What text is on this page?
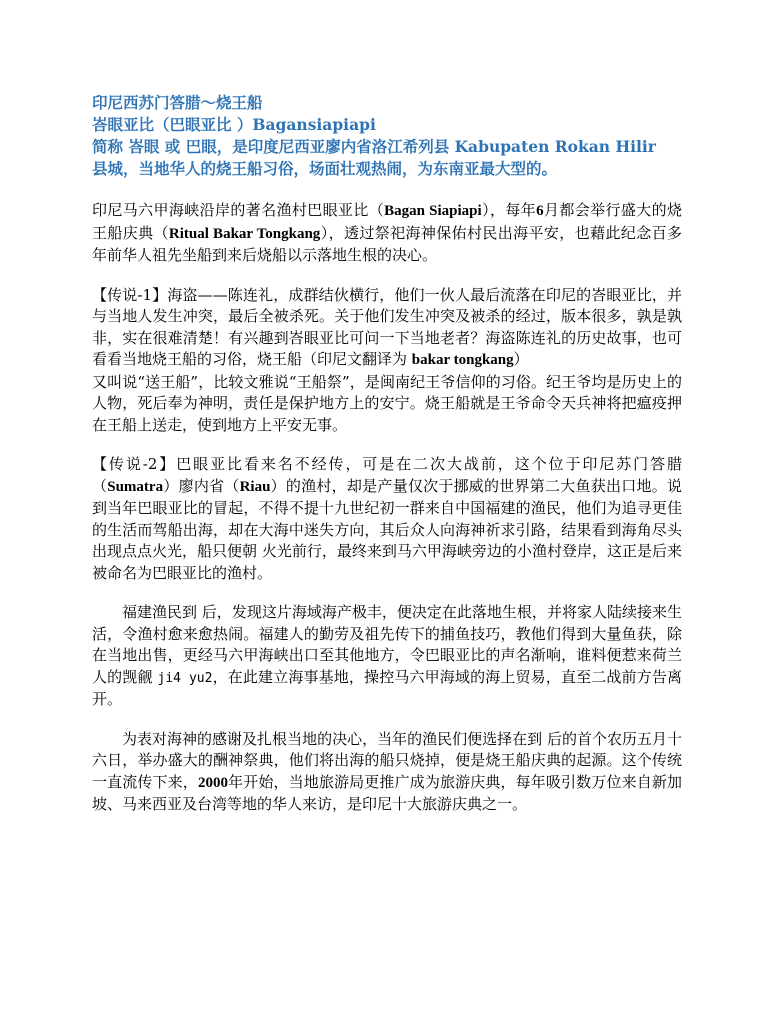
印尼西苏门答腊～烧王船

峇眼亚比（巴眼亚比 ）Bagansiapiapi

简称 峇眼 或 巴眼，是印度尼西亚廖内省洛江希列县 Kabupaten Rokan Hilir

县城，当地华人的烧王船习俗，场面壮观热闹，为东南亚最大型的。

印尼马六甲海峡沿岸的著名渔村巴眼亚比（Bagan Siapiapi），每年6月都会举行盛大的烧王船庆典（Ritual Bakar Tongkang），透过祭祀海神保佑村民出海平安，也藉此纪念百多年前华人祖先坐船到来后烧船以示落地生根的决心。

【传说-1】海盗——陈连礼，成群结伙横行，他们一伙人最后流落在印尼的峇眼亚比，并与当地人发生冲突，最后全被杀死。关于他们发生冲突及被杀的经过，版本很多，孰是孰非，实在很难清楚！有兴趣到峇眼亚比可问一下当地老者？海盗陈连礼的历史故事，也可看看当地烧王船的习俗，烧王船（印尼文翻译为 bakar tongkang）
又叫说“送王船”，比较文雅说“王船祭”，是闽南纪王爷信仰的习俗。纪王爷均是历史上的人物，死后奉为神明，责任是保护地方上的安宁。烧王船就是王爷命令天兵神将把瘟疫押在王船上送走，使到地方上平安无事。

【传说-2】巴眼亚比看来名不经传，可是在二次大战前，这个位于印尼苏门答腊（Sumatra）廖内省（Riau）的渔村，却是产量仅次于挪威的世界第二大鱼获出口地。说到当年巴眼亚比的冒起，不得不提十九世纪初一群来自中国福建的渔民，他们为追寻更佳的生活而驾船出海，却在大海中迷失方向，其后众人向海神祈求引路，结果看到海角尽头出现点点火光，船只便朝 火光前行，最终来到马六甲海峡旁边的小渔村登岸，这正是后来被命名为巴眼亚比的渔村。

福建渔民到 后，发现这片海域海产极丰，便决定在此落地生根，并将家人陆续接来生活，令渔村愈来愈热闹。福建人的勤劳及祖先传下的捕鱼技巧，教他们得到大量鱼获，除在当地出售，更经马六甲海峡出口至其他地方，令巴眼亚比的声名渐响，谁料便惹来荷兰人的觊觎 ji4 yu2，在此建立海事基地，操控马六甲海域的海上贸易，直至二战前方告离开。

为表对海神的感谢及扎根当地的决心，当年的渔民们便选择在到 后的首个农历五月十六日，举办盛大的酬神祭典，他们将出海的船只烧掉，便是烧王船庆典的起源。这个传统一直流传下来，2000年开始，当地旅游局更推广成为旅游庆典，每年吸引数万位来自新加坡、马来西亚及台湾等地的华人来访，是印尼十大旅游庆典之一。
